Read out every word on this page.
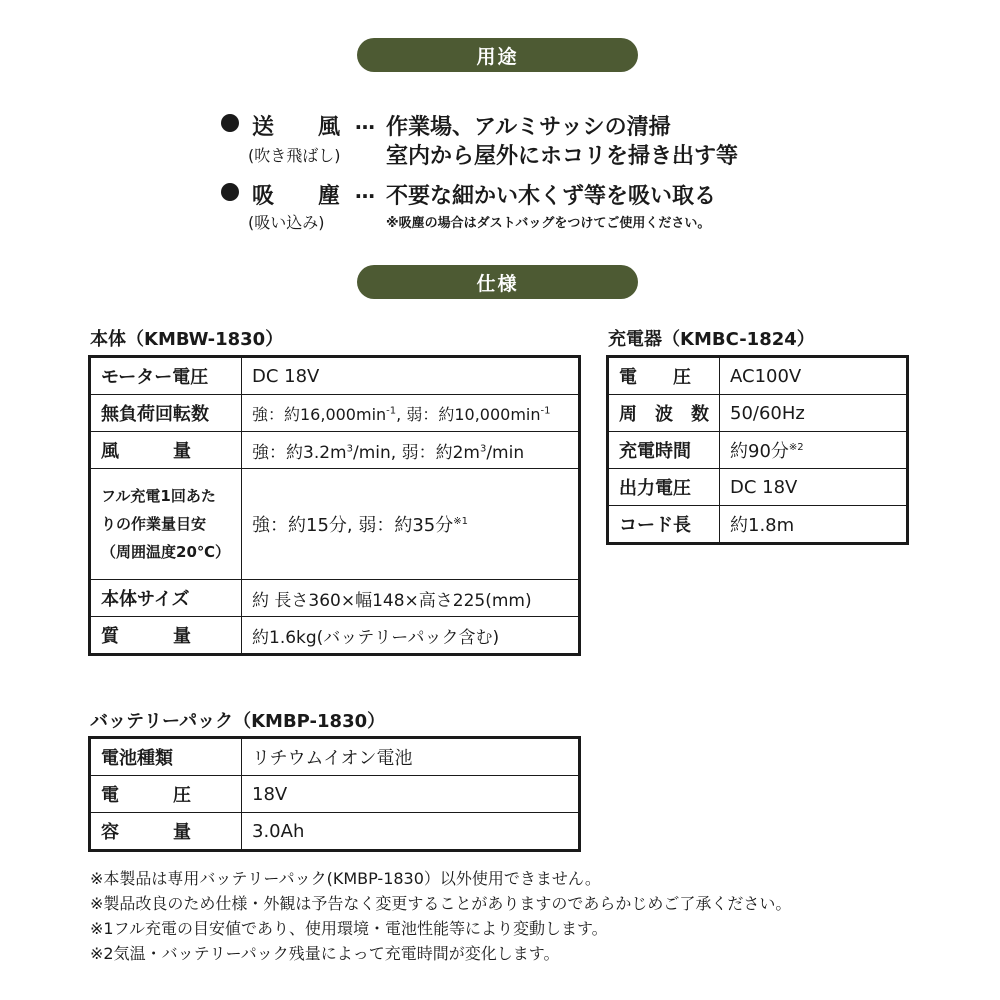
用途
送　　風 … 作業場、アルミサッシの清掃
(吹き飛ばし) 室内から屋外にホコリを掃き出す等
吸　　塵 … 不要な細かい木くず等を吸い取る
(吸い込み)	※吸塵の場合はダストバッグをつけてご使用ください。
仕様
本体（KMBW-1830）
モーター電圧	DC 18V
無負荷回転数	強：約$16,000\min^{-1}$, 弱：約$10,000\min^{-1}$
風　　　量	強：約$3.2m^3/\min$, 弱：約$2m^3/\min$

フル充電1回あた
りの作業量目安
（周囲温度20℃）	強：約15分, 弱：約35分$^{※1}$
本体サイズ	約 長さ360×幅148×高さ225(mm)
質　　　量	約1.6kg(バッテリーパック含む)
充電器（KMBC-1824）
電　　圧	AC100V
周　波　数	50/60Hz
充電時間	約90分$^{※2}$
出力電圧	DC 18V
コード長	約1.8m
バッテリーパック（KMBP-1830）
電池種類	リチウムイオン電池
電　　　圧	18V
容　　　量	3.0Ah
※本製品は専用バッテリーパック(KMBP-1830）以外使用できません。
※製品改良のため仕様・外観は予告なく変更することがありますのであらかじめご了承ください。
※1フル充電の目安値であり、使用環境・電池性能等により変動します。
※2気温・バッテリーパック残量によって充電時間が変化します。
